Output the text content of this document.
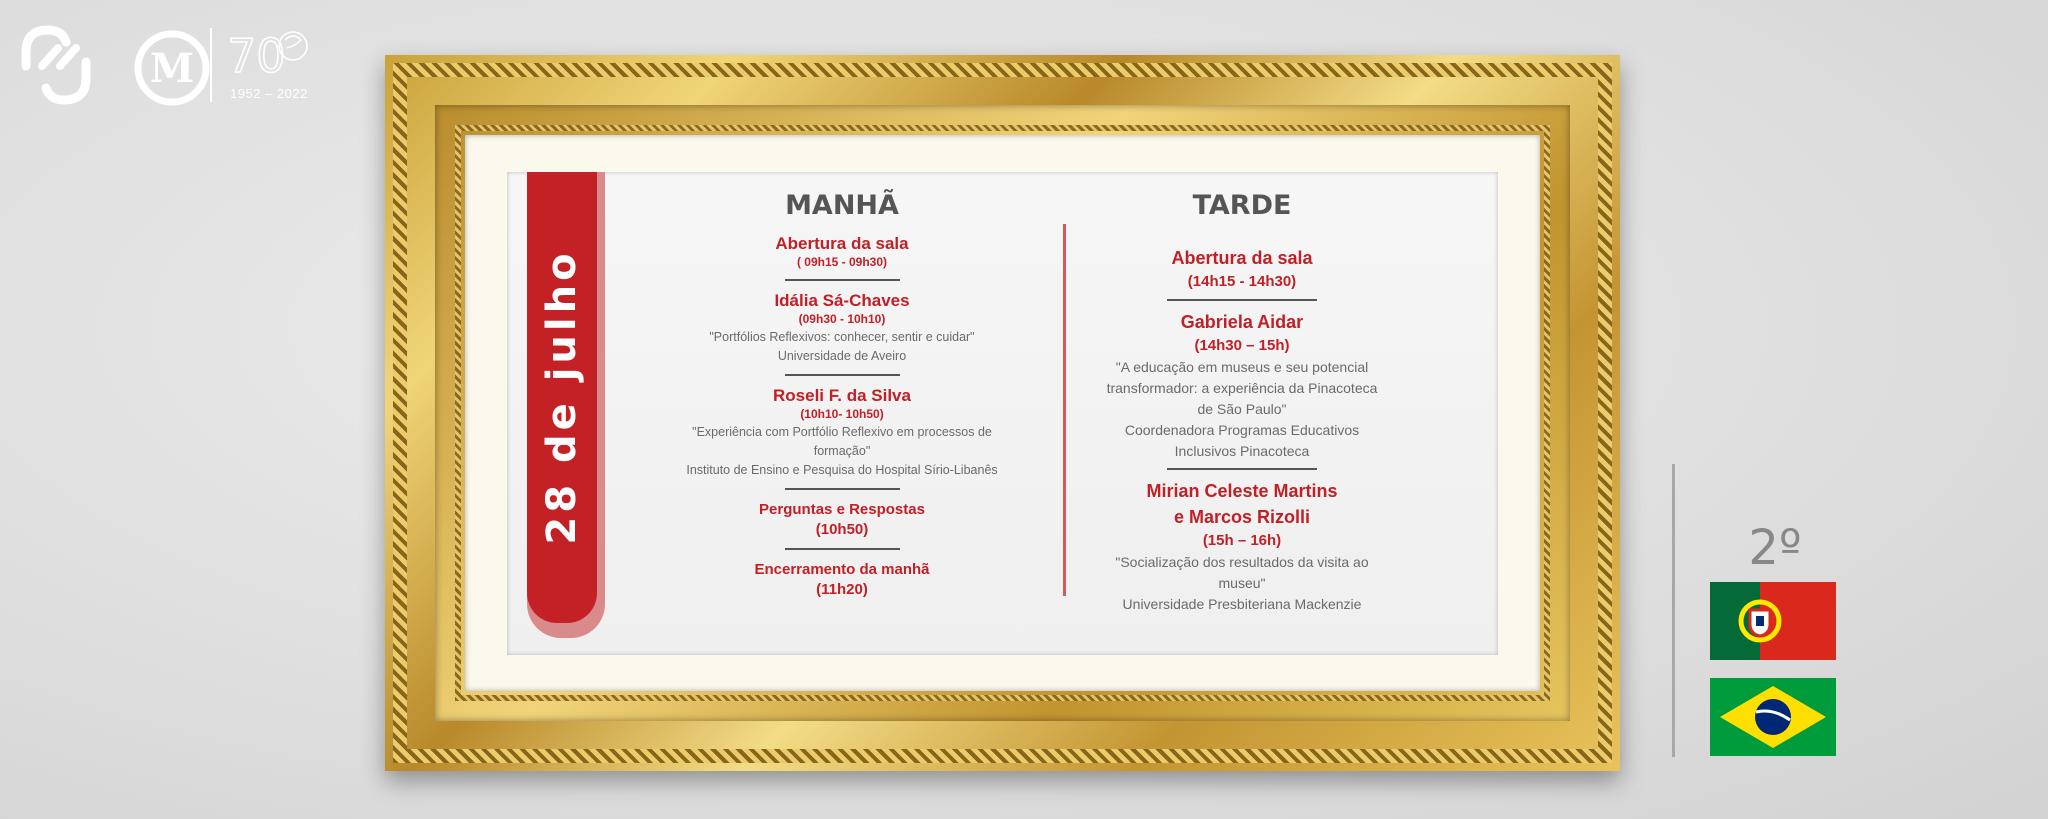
M 70
1952 – 2022
28 de julho
MANHÃ
Abertura da sala
( 09h15 - 09h30)
Idália Sá-Chaves
(09h30 - 10h10)
"Portfólios Reflexivos: conhecer, sentir e cuidar"
Universidade de Aveiro
Roseli F. da Silva
(10h10- 10h50)
"Experiência com Portfólio Reflexivo em processos de
formação"
Instituto de Ensino e Pesquisa do Hospital Sírio-Libanês
Perguntas e Respostas
(10h50)
Encerramento da manhã
(11h20)
TARDE
Abertura da sala
(14h15 - 14h30)
Gabriela Aidar
(14h30 – 15h)
"A educação em museus e seu potencial
transformador: a experiência da Pinacoteca
de São Paulo"
Coordenadora Programas Educativos
Inclusivos Pinacoteca
Mirian Celeste Martins
e Marcos Rizolli
(15h – 16h)
"Socialização dos resultados da visita ao
museu"
Universidade Presbiteriana Mackenzie
2º
